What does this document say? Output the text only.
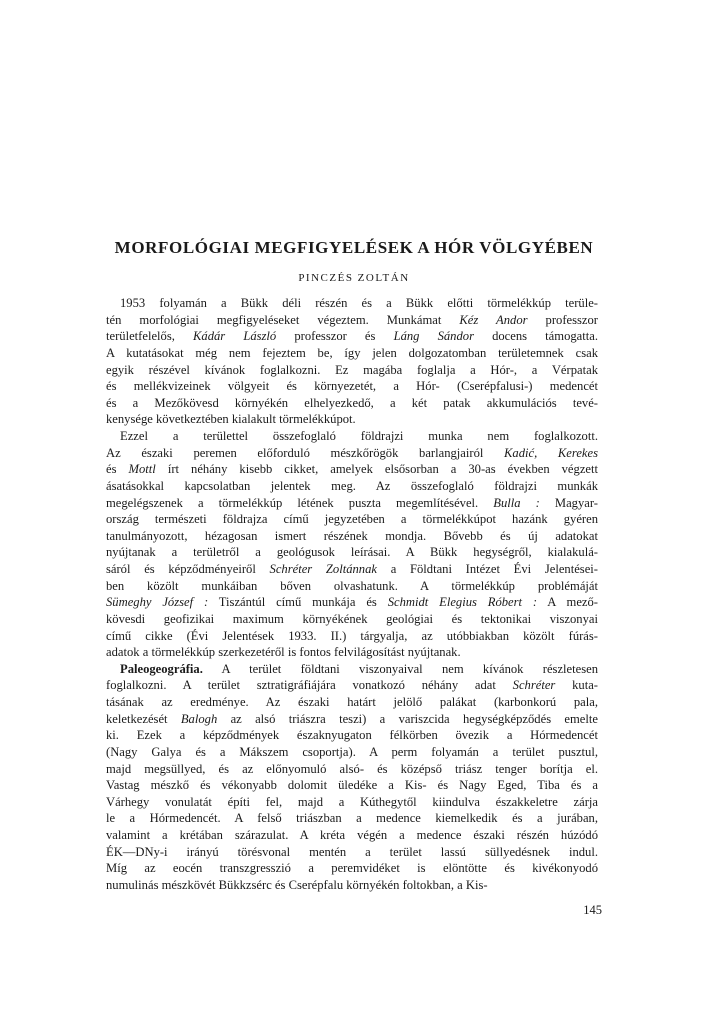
MORFOLÓGIAI MEGFIGYELÉSEK A HÓR VÖLGYÉBEN
PINCZÉS ZOLTÁN

1953 folyamán a Bükk déli részén és a Bükk előtti törmelékkúp terüle-
tén morfológiai megfigyeléseket végeztem. Munkámat Kéz Andor professzor
területfelelős, Kádár László professzor és Láng Sándor docens támogatta.
A kutatásokat még nem fejeztem be, így jelen dolgozatomban területemnek csak
egyik részével kívánok foglalkozni. Ez magába foglalja a Hór-, a Vérpatak
és mellékvizeinek völgyeit és környezetét, a Hór- (Cserépfalusi-) medencét
és a Mezőkövesd környékén elhelyezkedő, a két patak akkumulációs tevé-
kenysége következtében kialakult törmelékkúpot.

Ezzel a területtel összefoglaló földrajzi munka nem foglalkozott.
Az északi peremen előforduló mészkőrögök barlangjairól Kadić, Kerekes
és Mottl írt néhány kisebb cikket, amelyek elsősorban a 30-as években végzett
ásatásokkal kapcsolatban jelentek meg. Az összefoglaló földrajzi munkák
megelégszenek a törmelékkúp létének puszta megemlítésével. Bulla : Magyar-
ország természeti földrajza című jegyzetében a törmelékkúpot hazánk gyéren
tanulmányozott, hézagosan ismert részének mondja. Bővebb és új adatokat
nyújtanak a területről a geológusok leírásai. A Bükk hegységről, kialakulá-
sáról és képződményeiről Schréter Zoltánnak a Földtani Intézet Évi Jelentései-
ben közölt munkáiban bőven olvashatunk. A törmelékkúp problémáját
Sümeghy József : Tiszántúl című munkája és Schmidt Elegius Róbert : A mező-
kövesdi geofizikai maximum környékének geológiai és tektonikai viszonyai
című cikke (Évi Jelentések 1933. II.) tárgyalja, az utóbbiakban közölt fúrás-
adatok a törmelékkúp szerkezetéről is fontos felvilágosítást nyújtanak.

Paleogeográfia. A terület földtani viszonyaival nem kívánok részletesen
foglalkozni. A terület sztratigráfiájára vonatkozó néhány adat Schréter kuta-
tásának az eredménye. Az északi határt jelölő palákat (karbonkorú pala,
keletkezését Balogh az alsó triászra teszi) a variszcida hegységképződés emelte
ki. Ezek a képződmények északnyugaton félkörben övezik a Hórmedencét
(Nagy Galya és a Mákszem csoportja). A perm folyamán a terület pusztul,
majd megsüllyed, és az előnyomuló alsó- és középső triász tenger borítja el.
Vastag mészkő és vékonyabb dolomit üledéke a Kis- és Nagy Eged, Tiba és a
Várhegy vonulatát építi fel, majd a Kúthegytől kiindulva északkeletre zárja
le a Hórmedencét. A felső triászban a medence kiemelkedik és a jurában,
valamint a krétában szárazulat. A kréta végén a medence északi részén húzódó
ÉK—DNy-i irányú törésvonal mentén a terület lassú süllyedésnek indul.
Míg az eocén transzgresszió a peremvidéket is elöntötte és kivékonyodó
numulinás mészkövét Bükkzsérc és Cserépfalu környékén foltokban, a Kis-

145
